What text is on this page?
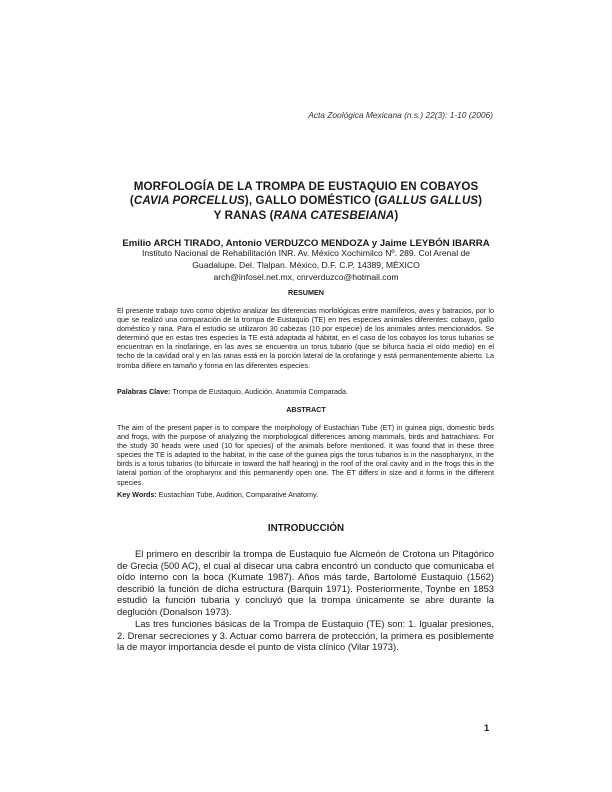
Acta Zoológica Mexicana (n.s.) 22(3): 1-10 (2006)
MORFOLOGÍA DE LA TROMPA DE EUSTAQUIO EN COBAYOS
(CAVIA PORCELLUS), GALLO DOMÉSTICO (GALLUS GALLUS)
Y RANAS (RANA CATESBEIANA)
Emilio ARCH TIRADO, Antonio VERDUZCO MENDOZA y Jaime LEYBÓN IBARRA
Instituto Nacional de Rehabilitación INR. Av. México Xochimilco Nº. 289. Col Arenal de
Guadalupe. Del. Tlalpan. México, D.F. C.P. 14389, MÉXICO
arch@infosel.net.mx, cnrverduzco@hotmail.com
RESUMEN
El presente trabajo tuvo como objetivo analizar las diferencias morfológicas entre mamíferos, aves y batracios, por lo que se realizó una comparación de la trompa de Eustaquio (TE) en tres especies animales diferentes: cobayo, gallo doméstico y rana. Para el estudio se utilizaron 30 cabezas (10 por especie) de los animales antes mencionados. Se determinó que en estas tres especies la TE está adaptada al hábitat, en el caso de los cobayos los torus tubarios se encuentran en la rinofaringe, en las aves se encuentra un torus tubario (que se bifurca hacia el oído medio) en el techo de la cavidad oral y en las ranas está en la porción lateral de la orofaringe y está permanentemente abierto. La tromba difiere en tamaño y forma en las diferentes especies.
Palabras Clave: Trompa de Eustaquio, Audición, Anatomía Comparada.
ABSTRACT
The aim of the present paper is to compare the morphology of Eustachian Tube (ET) in guinea pigs, domestic birds and frogs, with the purpose of analyzing the morphological differences among mammals, birds and batrachians. For the study 30 heads were used (10 for species) of the animals before mentioned. It was found that in these three species the TE is adapted to the habitat, in the case of the guinea pigs the torus tubarios is in the nasopharynx, in the birds is a torus tubarios (to bifurcate in toward the half hearing) in the roof of the oral cavity and in the frogs this in the lateral portion of the oropharynx and this permanently open one. The ET differs in size and it forms in the different species.
Key Words: Eustachian Tube, Audition, Comparative Anatomy.
INTRODUCCIÓN
El primero en describir la trompa de Eustaquio fue Alcmeón de Crotona un Pitagórico de Grecia (500 AC), el cual al disecar una cabra encontró un conducto que comunicaba el oído interno con la boca (Kumate 1987). Años más tarde, Bartolomé Eustaquio (1562) describió la función de dicha estructura (Barquin 1971). Posteriormente, Toynbe en 1853 estudió la función tubaria y concluyó que la trompa únicamente se abre durante la deglución (Donalson 1973).
Las tres funciones básicas de la Trompa de Eustaquio (TE) son: 1. Igualar presiones, 2. Drenar secreciones y 3. Actuar como barrera de protección, la primera es posiblemente la de mayor importancia desde el punto de vista clínico (Vilar 1973).
1
